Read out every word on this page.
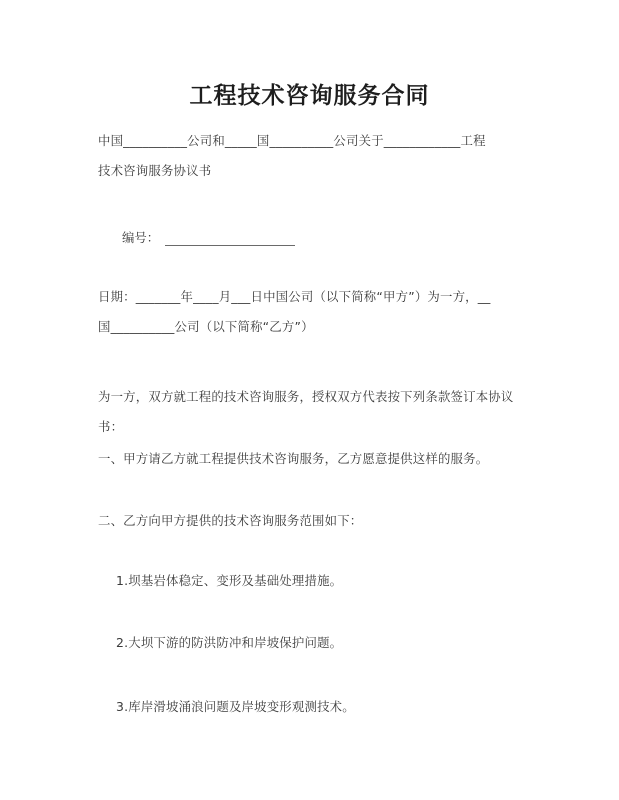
工程技术咨询服务合同
中国__________公司和_____国__________公司关于____________工程
技术咨询服务协议书
编号：
日期：_______年____月___日中国公司（以下简称“甲方”）为一方，__
国__________公司（以下简称“乙方”）
为一方，双方就工程的技术咨询服务，授权双方代表按下列条款签订本协议书：
一、甲方请乙方就工程提供技术咨询服务，乙方愿意提供这样的服务。
二、乙方向甲方提供的技术咨询服务范围如下：
1.坝基岩体稳定、变形及基础处理措施。
2.大坝下游的防洪防冲和岸坡保护问题。
3.库岸滑坡涌浪问题及岸坡变形观测技术。
